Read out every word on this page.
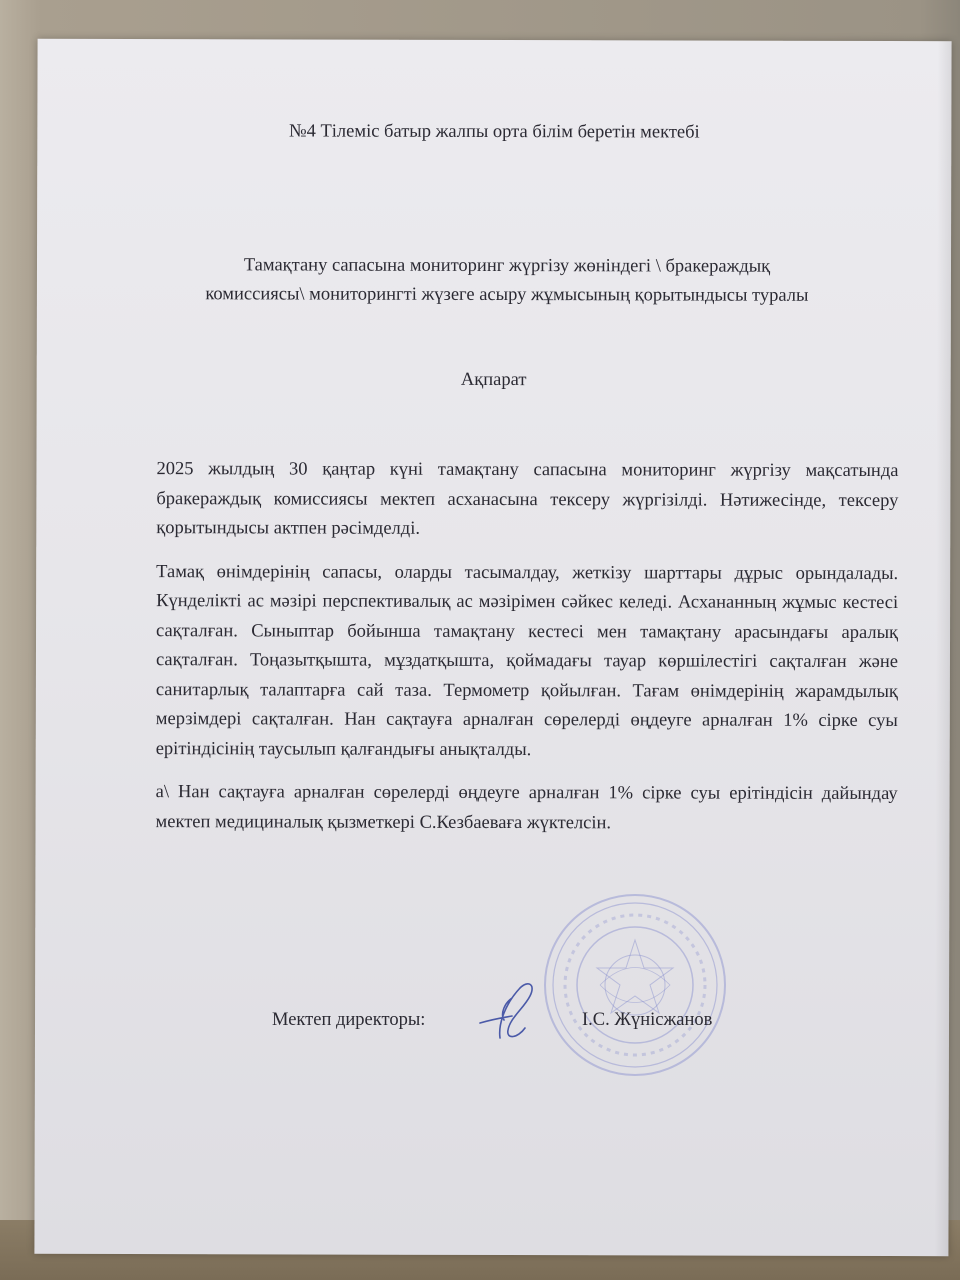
№4 Тілеміс батыр жалпы орта білім беретін мектебі
Тамақтану сапасына мониторинг жүргізу жөніндегі \ бракераждық
комиссиясы\ мониторингті жүзеге асыру жұмысының қорытындысы туралы
Ақпарат

2025 жылдың 30 қаңтар күні тамақтану сапасына мониторинг жүргізу мақсатында бракераждық комиссиясы мектеп асханасына тексеру жүргізілді. Нәтижесінде, тексеру қорытындысы актпен рәсімделді.

Тамақ өнімдерінің сапасы, оларды тасымалдау, жеткізу шарттары дұрыс орындалады. Күнделікті ас мәзірі перспективалық ас мәзірімен сәйкес келеді. Асхананның жұмыс кестесі сақталған. Сыныптар бойынша тамақтану кестесі мен тамақтану арасындағы аралық сақталған. Тоңазытқышта, мұздатқышта, қоймадағы тауар көршілестігі сақталған және санитарлық талаптарға сай таза. Термометр қойылған. Тағам өнімдерінің жарамдылық мерзімдері сақталған. Нан сақтауға арналған сөрелерді өңдеуге арналған 1% сірке суы ерітіндісінің таусылып қалғандығы анықталды.

а\ Нан сақтауға арналған сөрелерді өңдеуге арналған 1% сірке суы ерітіндісін дайындау мектеп медициналық қызметкері С.Кезбаеваға жүктелсін.

Мектеп директоры:	І.С. Жүнісжанов
